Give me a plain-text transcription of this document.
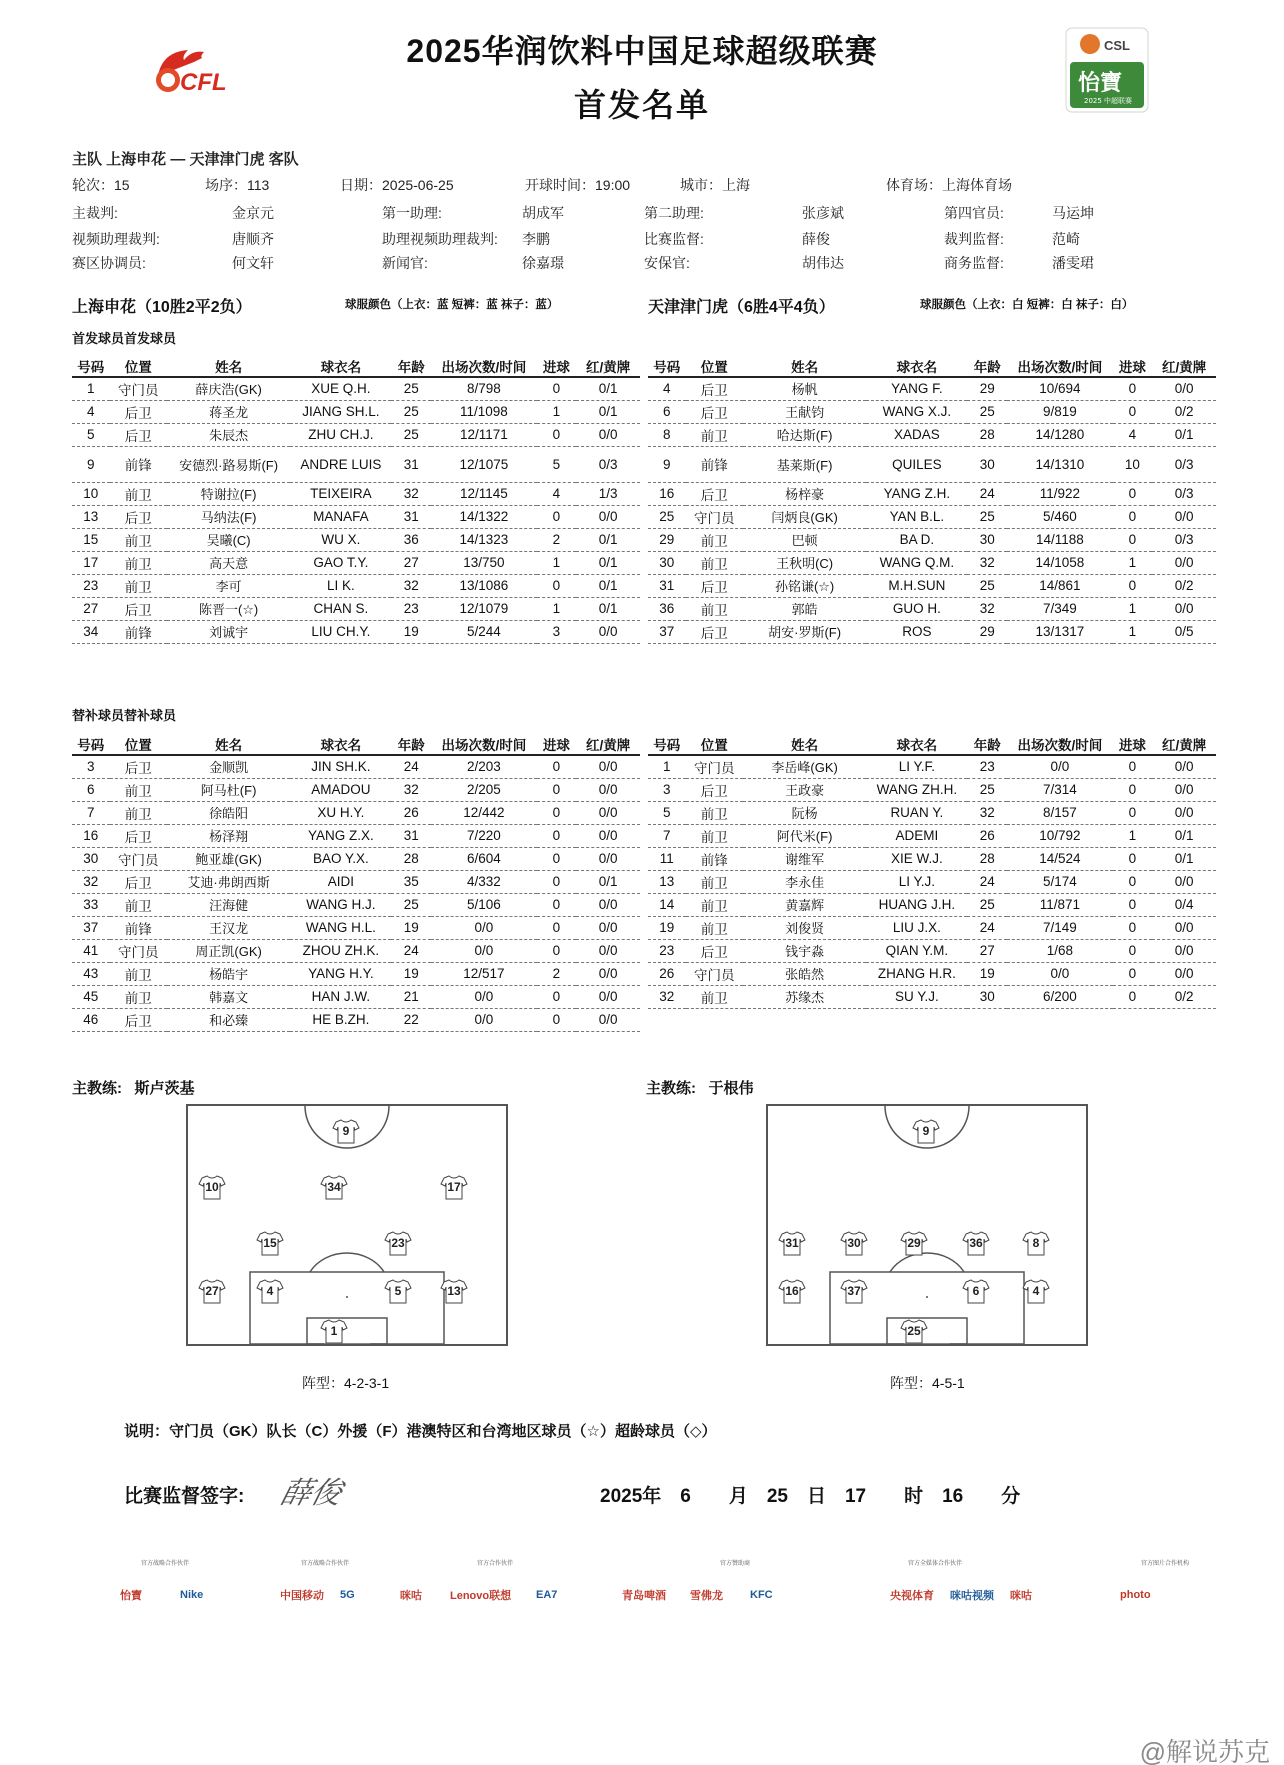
CFL
2025华润饮料中国足球超级联赛
首发名单
CSL
怡寶
2025 中超联赛
主队 上海申花 — 天津津门虎 客队
轮次：15	场序：113	日期：2025-06-25	开球时间：19:00	城市：上海	体育场：上海体育场
主裁判:	金京元	第一助理:	胡成军	第二助理:	张彦斌	第四官员:	马运坤
视频助理裁判:	唐顺齐	助理视频助理裁判: 李鹏	比赛监督:	薛俊	裁判监督:	范崎
赛区协调员:	何文轩	新闻官:	徐嘉璟	安保官:	胡伟达	商务监督:	潘雯珺
上海申花（10胜2平2负）	球服颜色（上衣：蓝 短裤：蓝 袜子：蓝）	天津津门虎（6胜4平4负）	球服颜色（上衣：白 短裤：白 袜子：白）
首发球员首发球员
号码	位置	姓名	球衣名	年龄	出场次数/时间	进球	红/黄牌
1	守门员	薛庆浩(GK)	XUE Q.H.	25	8/798	0	0/1
4	后卫	蒋圣龙	JIANG SH.L.	25	11/1098	1	0/1
5	后卫	朱辰杰	ZHU CH.J.	25	12/1171	0	0/0
9	前锋	安德烈·路易斯(F)	ANDRE LUIS	31	12/1075	5	0/3
10	前卫	特谢拉(F)	TEIXEIRA	32	12/1145	4	1/3
13	后卫	马纳法(F)	MANAFA	31	14/1322	0	0/0
15	前卫	吴曦(C)	WU X.	36	14/1323	2	0/1
17	前卫	高天意	GAO T.Y.	27	13/750	1	0/1
23	前卫	李可	LI K.	32	13/1086	0	0/1
27	后卫	陈晋一(☆)	CHAN S.	23	12/1079	1	0/1
34	前锋	刘诚宇	LIU CH.Y.	19	5/244	3	0/0
号码	位置	姓名	球衣名	年龄	出场次数/时间	进球	红/黄牌
4	后卫	杨帆	YANG F.	29	10/694	0	0/0
6	后卫	王献钧	WANG X.J.	25	9/819	0	0/2
8	前卫	哈达斯(F)	XADAS	28	14/1280	4	0/1
9	前锋	基莱斯(F)	QUILES	30	14/1310	10	0/3
16	后卫	杨梓豪	YANG Z.H.	24	11/922	0	0/3
25	守门员	闫炳良(GK)	YAN B.L.	25	5/460	0	0/0
29	前卫	巴顿	BA D.	30	14/1188	0	0/3
30	前卫	王秋明(C)	WANG Q.M.	32	14/1058	1	0/0
31	后卫	孙铭谦(☆)	M.H.SUN	25	14/861	0	0/2
36	前卫	郭皓	GUO H.	32	7/349	1	0/0
37	后卫	胡安·罗斯(F)	ROS	29	13/1317	1	0/5
替补球员替补球员
号码	位置	姓名	球衣名	年龄	出场次数/时间	进球	红/黄牌
3	后卫	金顺凯	JIN SH.K.	24	2/203	0	0/0
6	前卫	阿马杜(F)	AMADOU	32	2/205	0	0/0
7	前卫	徐皓阳	XU H.Y.	26	12/442	0	0/0
16	后卫	杨泽翔	YANG Z.X.	31	7/220	0	0/0
30	守门员	鲍亚雄(GK)	BAO Y.X.	28	6/604	0	0/0
32	后卫	艾迪·弗朗西斯	AIDI	35	4/332	0	0/1
33	前卫	汪海健	WANG H.J.	25	5/106	0	0/0
37	前锋	王汉龙	WANG H.L.	19	0/0	0	0/0
41	守门员	周正凯(GK)	ZHOU ZH.K.	24	0/0	0	0/0
43	前卫	杨皓宇	YANG H.Y.	19	12/517	2	0/0
45	前卫	韩嘉文	HAN J.W.	21	0/0	0	0/0
46	后卫	和必臻	HE B.ZH.	22	0/0	0	0/0
号码	位置	姓名	球衣名	年龄	出场次数/时间	进球	红/黄牌
1	守门员	李岳峰(GK)	LI Y.F.	23	0/0	0	0/0
3	后卫	王政豪	WANG ZH.H.	25	7/314	0	0/0
5	前卫	阮杨	RUAN Y.	32	8/157	0	0/0
7	前卫	阿代米(F)	ADEMI	26	10/792	1	0/1
11	前锋	谢维军	XIE W.J.	28	14/524	0	0/1
13	前卫	李永佳	LI Y.J.	24	5/174	0	0/0
14	前卫	黄嘉辉	HUANG J.H.	25	11/871	0	0/4
19	前卫	刘俊贤	LIU J.X.	24	7/149	0	0/0
23	后卫	钱宇淼	QIAN Y.M.	27	1/68	0	0/0
26	守门员	张皓然	ZHANG H.R.	19	0/0	0	0/0
32	前卫	苏缘杰	SU Y.J.	30	6/200	0	0/2
主教练: 斯卢茨基	主教练: 于根伟
9
10	34	17
15	23
27	4	5	13
1
9
31	30	29	36	8
16	37	6	4
25
阵型：4-2-3-1	阵型：4-5-1
说明：守门员（GK）队长（C）外援（F）港澳特区和台湾地区球员（☆）超龄球员（◇）
比赛监督签字: 薛俊	2025年　6　　月　25　日　17　　时　16　　分
官方战略合作伙伴
怡寶	Nike
官方战略合作伙伴
中国移动 5G	咪咕
官方合作伙伴
Lenovo联想 EA7	青岛啤酒
官方赞助商
雪佛龙 KFC
官方全媒体合作伙伴
央视体育 咪咕视频 咪咕
官方图片合作机构
photo
@解说苏克
